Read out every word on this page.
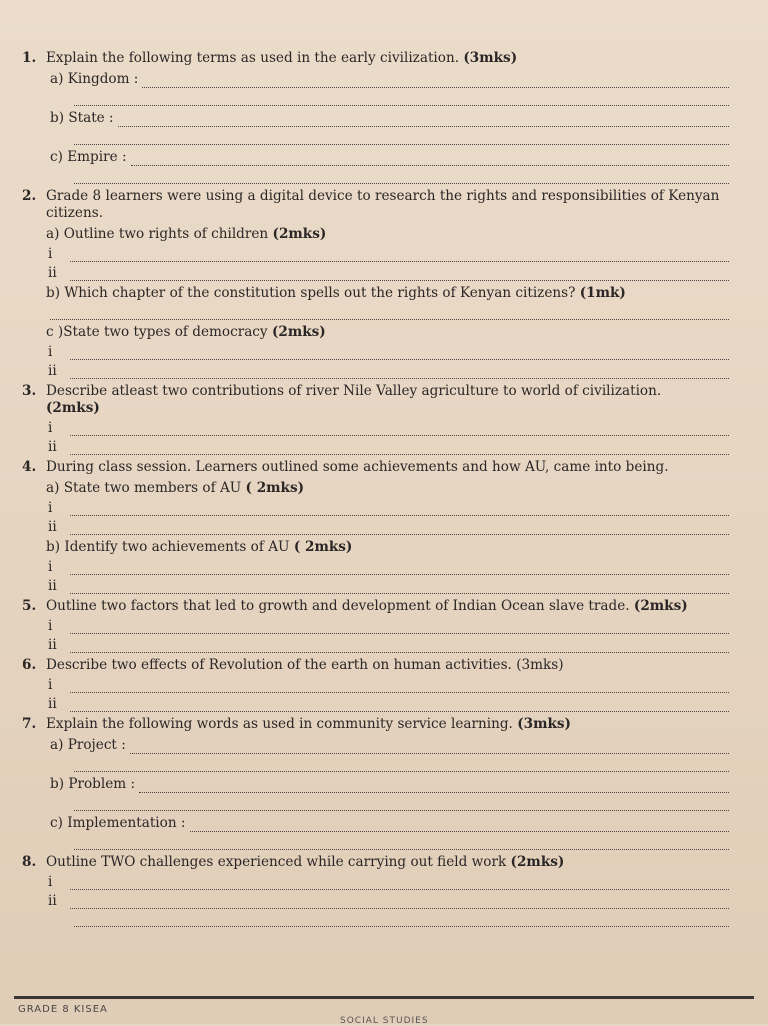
1. Explain the following terms as used in the early civilization. (3mks)
a) Kingdom :
b) State :
c) Empire :
2. Grade 8 learners were using a digital device to research the rights and responsibilities of Kenyan citizens.
a) Outline two rights of children (2mks)
i
ii
b) Which chapter of the constitution spells out the rights of Kenyan citizens? (1mk)
c )State two types of democracy (2mks)
i
ii
3. Describe atleast two contributions of river Nile Valley agriculture to world of civilization.
(2mks)
i
ii
4. During class session. Learners outlined some achievements and how AU, came into being.
a) State two members of AU ( 2mks)
i
ii
b) Identify two achievements of AU ( 2mks)
i
ii
5. Outline two factors that led to growth and development of Indian Ocean slave trade. (2mks)
i
ii
6. Describe two effects of Revolution of the earth on human activities. (3mks)
i
ii
7. Explain the following words as used in community service learning. (3mks)
a) Project :
b) Problem :
c) Implementation :
8. Outline TWO challenges experienced while carrying out field work (2mks)
i
ii
GRADE 8 KISEA
SOCIAL STUDIES
